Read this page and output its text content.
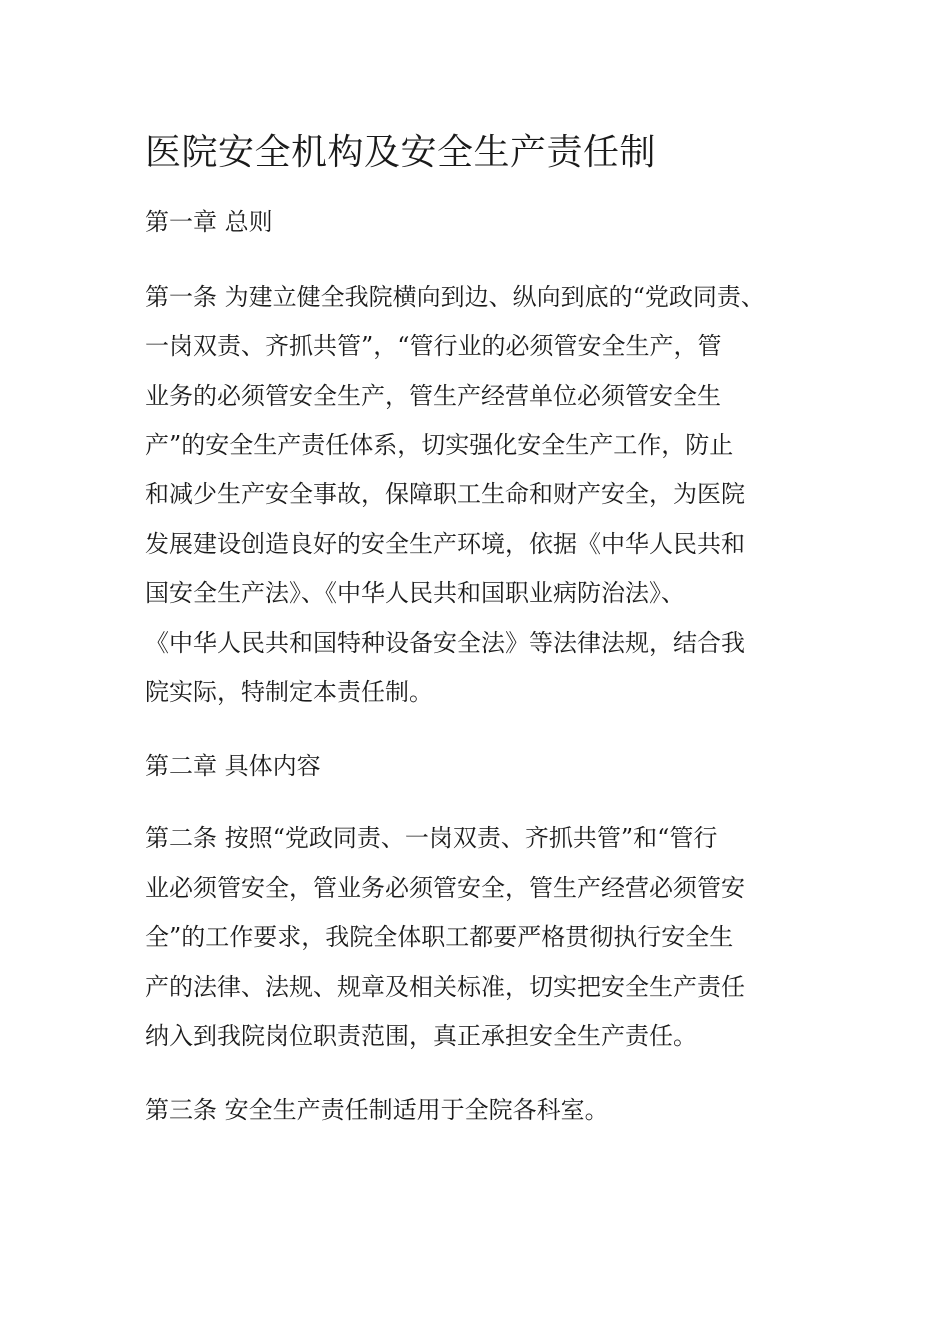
医院安全机构及安全生产责任制

第一章 总则

第一条 为建立健全我院横向到边、纵向到底的“党政同责、

一岗双责、齐抓共管”，“管行业的必须管安全生产，管

业务的必须管安全生产，管生产经营单位必须管安全生

产”的安全生产责任体系，切实强化安全生产工作，防止

和减少生产安全事故，保障职工生命和财产安全，为医院

发展建设创造良好的安全生产环境，依据《中华人民共和

国安全生产法》、《中华人民共和国职业病防治法》、

《中华人民共和国特种设备安全法》等法律法规，结合我

院实际，特制定本责任制。

第二章 具体内容

第二条 按照“党政同责、一岗双责、齐抓共管”和“管行

业必须管安全，管业务必须管安全，管生产经营必须管安

全”的工作要求，我院全体职工都要严格贯彻执行安全生

产的法律、法规、规章及相关标准，切实把安全生产责任

纳入到我院岗位职责范围，真正承担安全生产责任。

第三条 安全生产责任制适用于全院各科室。
